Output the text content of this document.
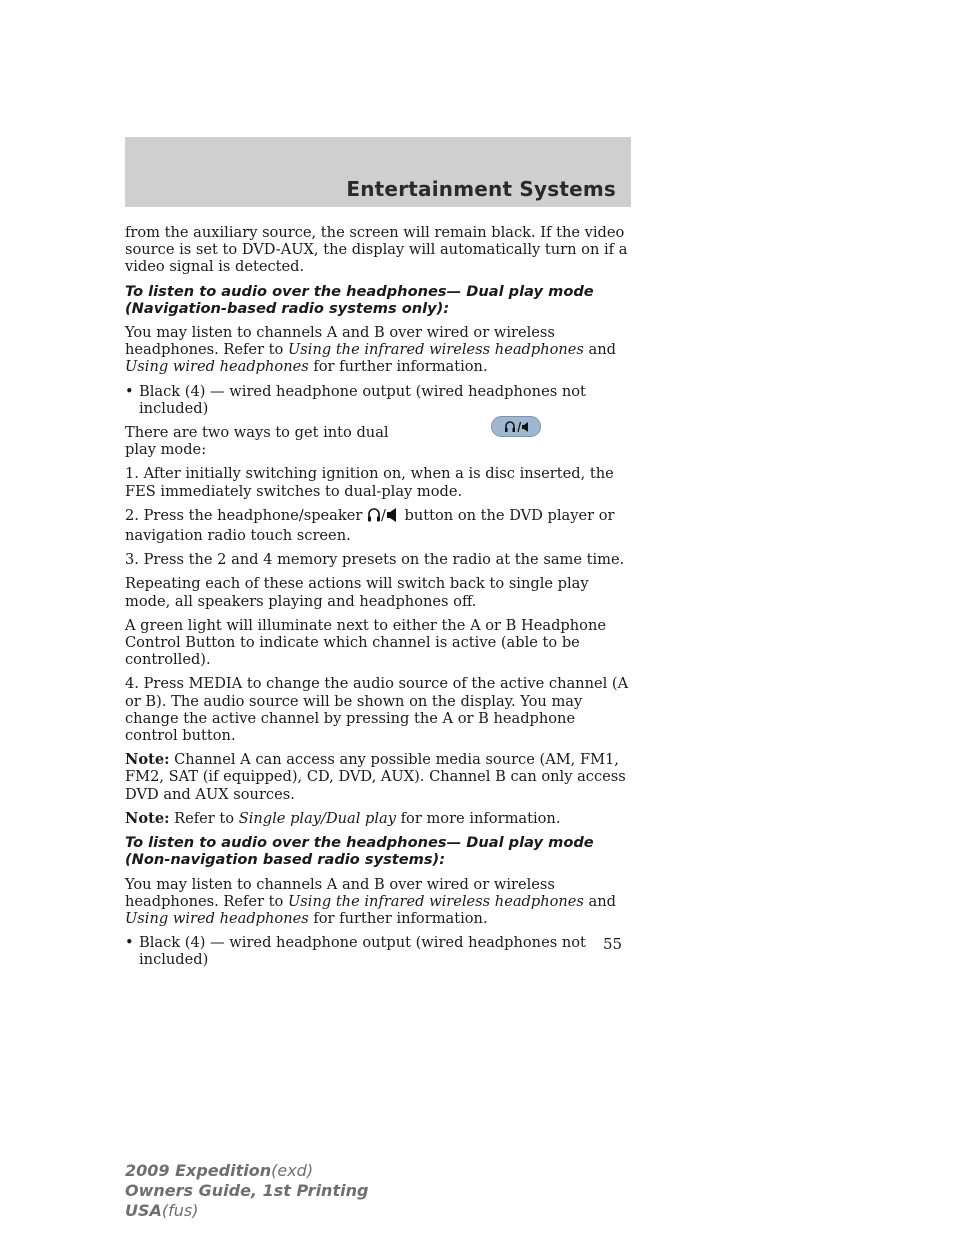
Entertainment Systems

from the auxiliary source, the screen will remain black. If the video source is set to DVD-AUX, the display will automatically turn on if a video signal is detected.

To listen to audio over the headphones— Dual play mode (Navigation-based radio systems only):

You may listen to channels A and B over wired or wireless headphones. Refer to Using the infrared wireless headphones and Using wired headphones for further information.

• Black (4) — wired headphone output (wired headphones not included)

There are two ways to get into dual play mode:

1. After initially switching ignition on, when a is disc inserted, the FES immediately switches to dual-play mode.

2. Press the headphone/speaker / button on the DVD player or navigation radio touch screen.

3. Press the 2 and 4 memory presets on the radio at the same time.

Repeating each of these actions will switch back to single play mode, all speakers playing and headphones off.

A green light will illuminate next to either the A or B Headphone Control Button to indicate which channel is active (able to be controlled).

4. Press MEDIA to change the audio source of the active channel (A or B). The audio source will be shown on the display. You may change the active channel by pressing the A or B headphone control button.

Note: Channel A can access any possible media source (AM, FM1, FM2, SAT (if equipped), CD, DVD, AUX). Channel B can only access DVD and AUX sources.

Note: Refer to Single play/Dual play for more information.

To listen to audio over the headphones— Dual play mode (Non-navigation based radio systems):

You may listen to channels A and B over wired or wireless headphones. Refer to Using the infrared wireless headphones and Using wired headphones for further information.

• Black (4) — wired headphone output (wired headphones not included)
55
2009 Expedition(exd)
Owners Guide, 1st Printing
USA(fus)
